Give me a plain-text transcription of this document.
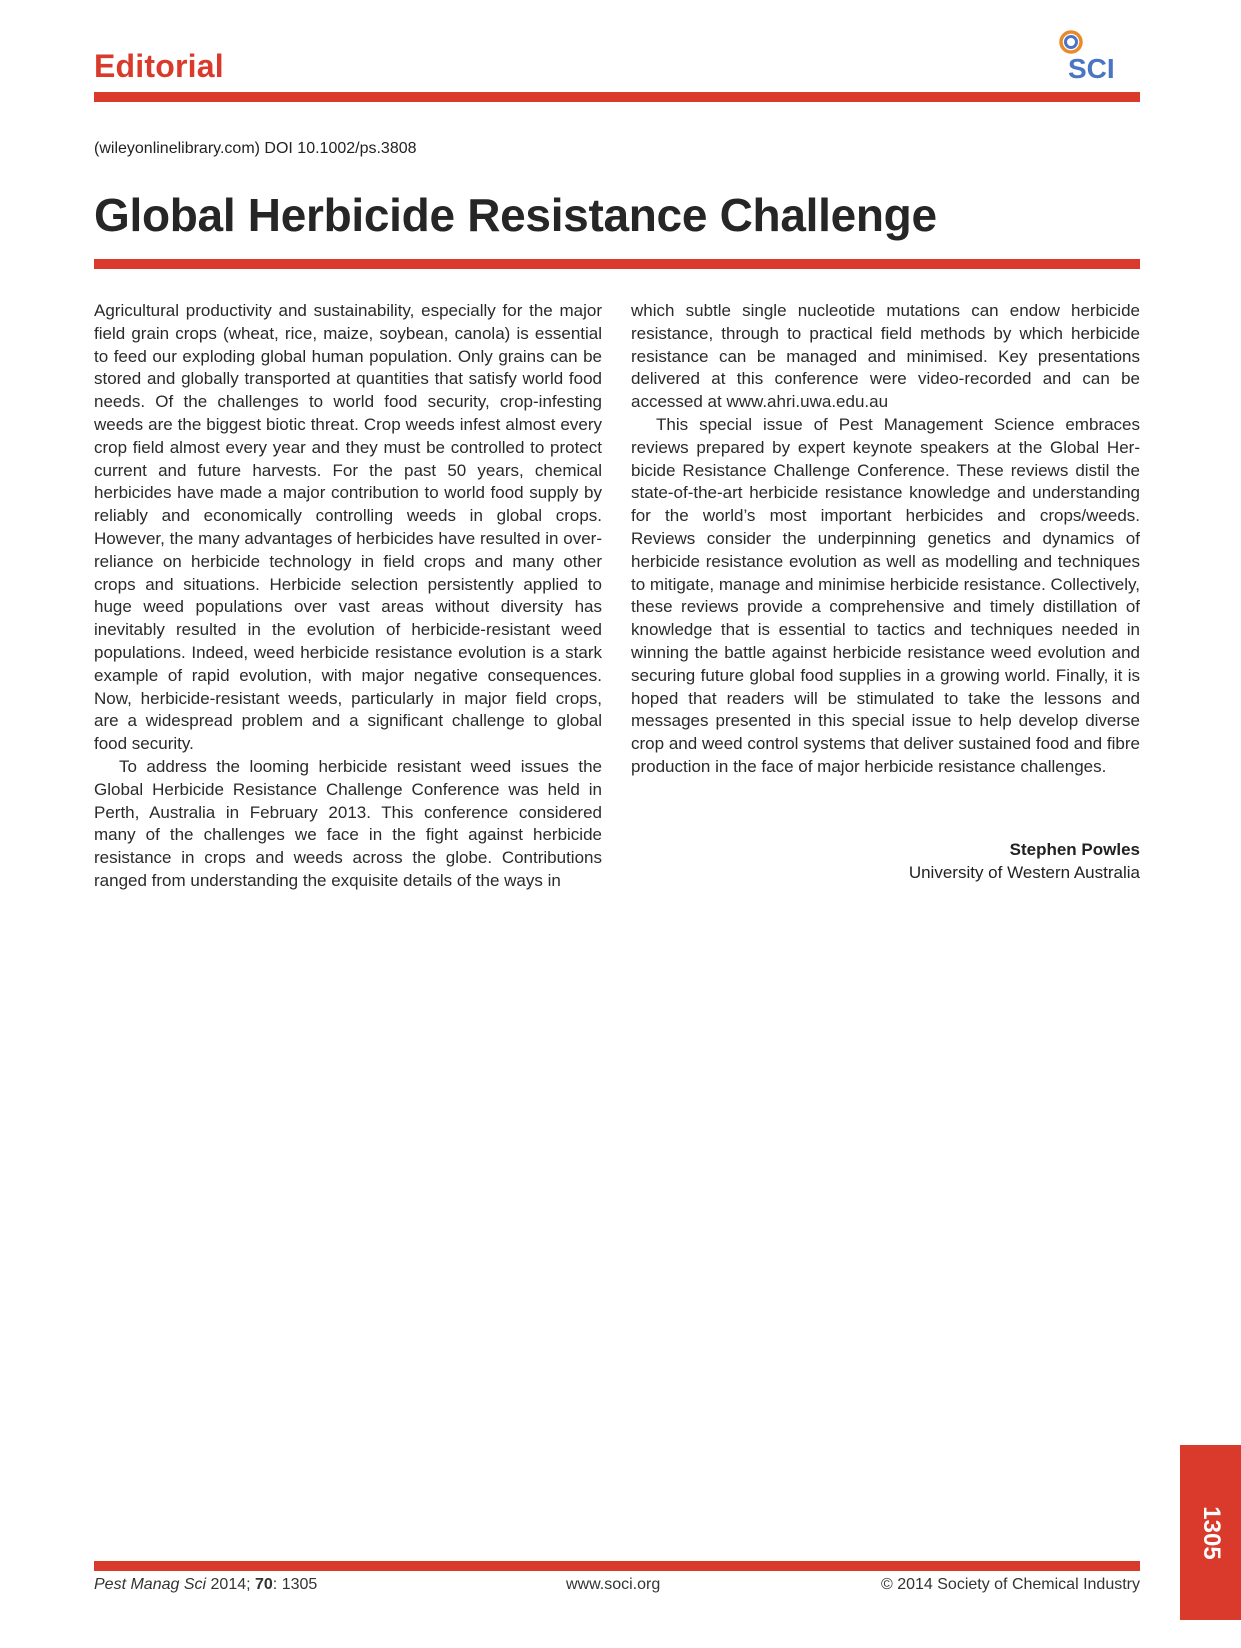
Editorial	SCI
(wileyonlinelibrary.com) DOI 10.1002/ps.3808
Global Herbicide Resistance Challenge

Agricultural productivity and sustainability, especially for the major field grain crops (wheat, rice, maize, soybean, canola) is essential to feed our exploding global human population. Only grains can be stored and globally transported at quantities that satisfy world food needs. Of the challenges to world food security, crop-infesting weeds are the biggest biotic threat. Crop weeds infest almost every crop field almost every year and they must be controlled to protect current and future harvests. For the past 50 years, chemical herbicides have made a major contribution to world food supply by reliably and economically controlling weeds in global crops. However, the many advantages of herbicides have resulted in over-reliance on herbicide technology in field crops and many other crops and situations. Herbicide selection persistently applied to huge weed populations over vast areas without diversity has inevitably resulted in the evolution of herbicide-resistant weed populations. Indeed, weed herbicide resistance evolution is a stark example of rapid evolution, with major negative consequences. Now, herbicide-resistant weeds, particularly in major field crops, are a widespread problem and a significant challenge to global food security.

To address the looming herbicide resistant weed issues the Global Herbicide Resistance Challenge Conference was held in Perth, Australia in February 2013. This conference considered many of the challenges we face in the fight against herbicide resistance in crops and weeds across the globe. Contributions ranged from understanding the exquisite details of the ways in

which subtle single nucleotide mutations can endow herbicide resistance, through to practical field methods by which herbicide resistance can be managed and minimised. Key presentations delivered at this conference were video-recorded and can be accessed at www.ahri.uwa.edu.au

This special issue of Pest Management Science embraces reviews prepared by expert keynote speakers at the Global Herbicide Resistance Challenge Conference. These reviews distil the state-of-the-art herbicide resistance knowledge and understanding for the world’s most important herbicides and crops/weeds. Reviews consider the underpinning genetics and dynamics of herbicide resistance evolution as well as modelling and techniques to mitigate, manage and minimise herbicide resistance. Collectively, these reviews provide a comprehensive and timely distillation of knowledge that is essential to tactics and techniques needed in winning the battle against herbicide resistance weed evolution and securing future global food supplies in a growing world. Finally, it is hoped that readers will be stimulated to take the lessons and messages presented in this special issue to help develop diverse crop and weed control systems that deliver sustained food and fibre production in the face of major herbicide resistance challenges.

Stephen Powles
University of Western Australia
Pest Manag Sci 2014; 70: 1305	www.soci.org	© 2014 Society of Chemical Industry
1305
